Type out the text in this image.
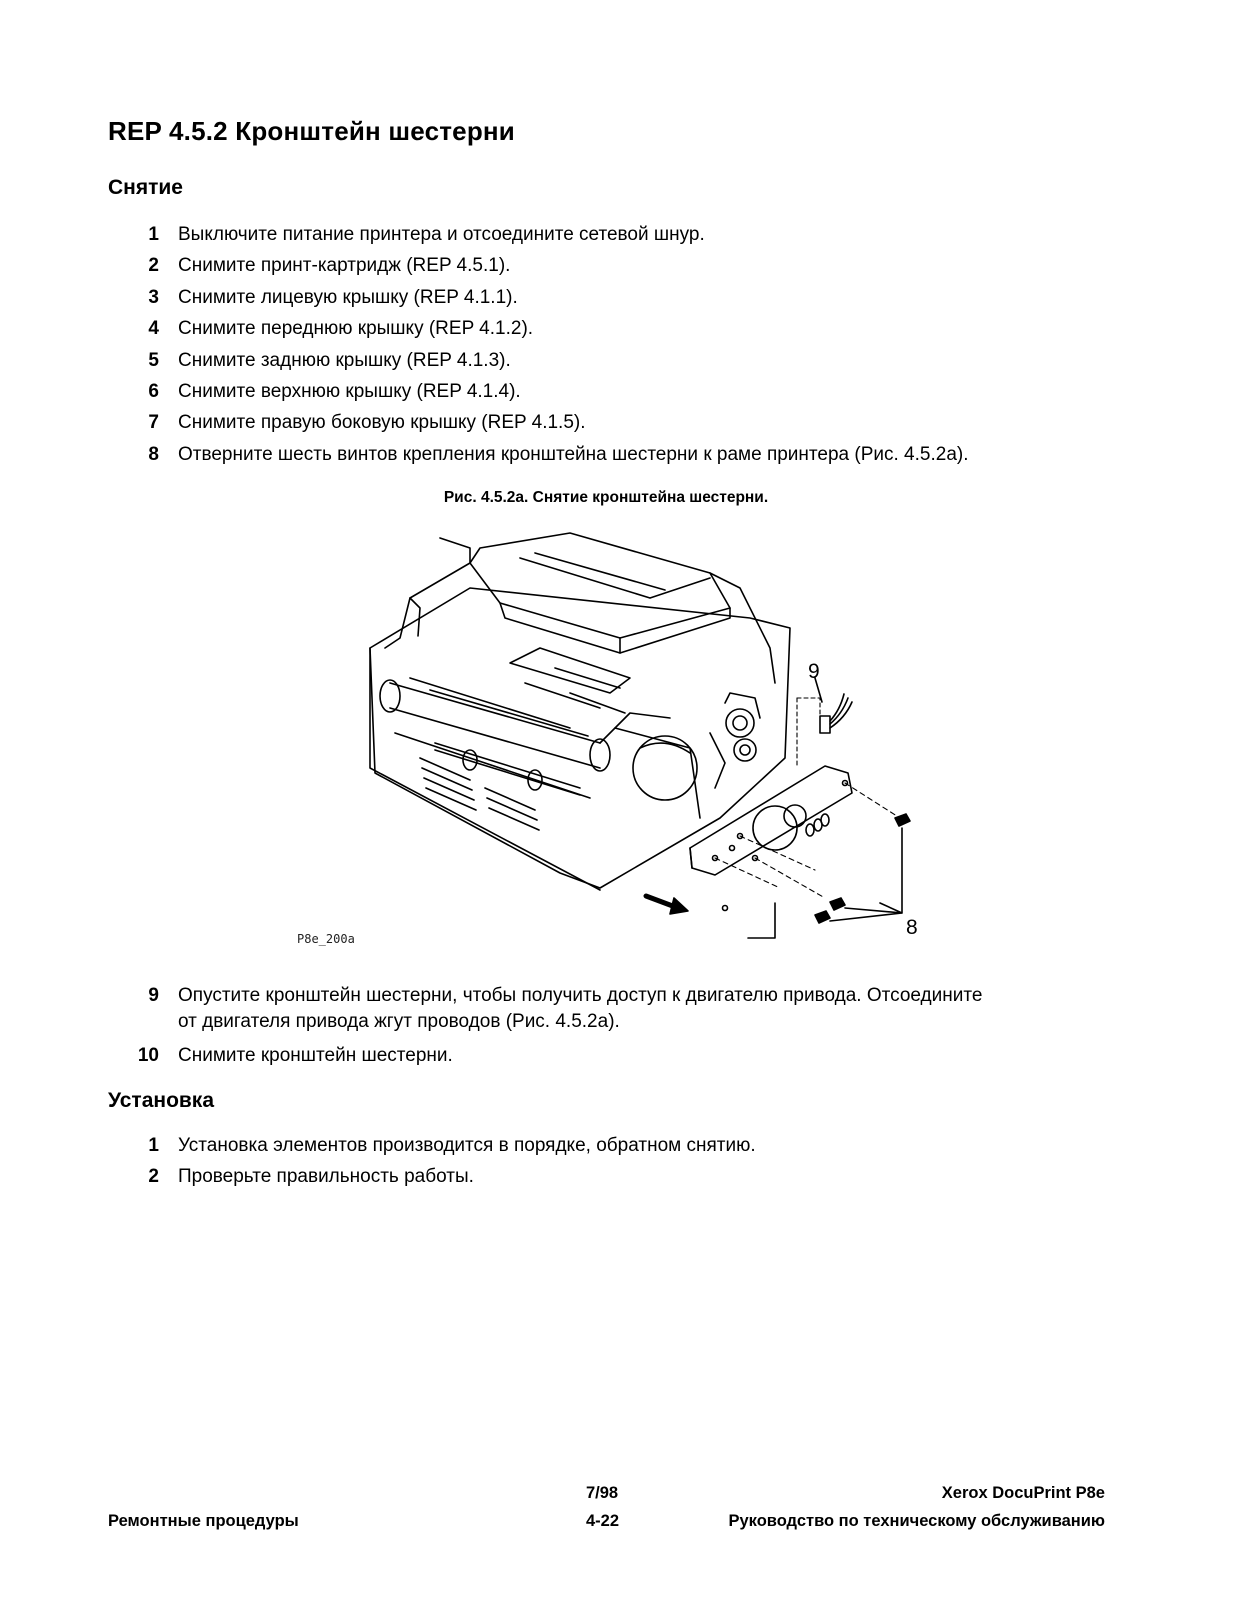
REP 4.5.2 Кронштейн шестерни
Снятие
1 Выключите питание принтера и отсоедините сетевой шнур.
2 Снимите принт-картридж (REP 4.5.1).
3 Снимите лицевую крышку (REP 4.1.1).
4 Снимите переднюю крышку (REP 4.1.2).
5 Снимите заднюю крышку (REP 4.1.3).
6 Снимите верхнюю крышку (REP 4.1.4).
7 Снимите правую боковую крышку (REP 4.1.5).
8 Отверните шесть винтов крепления кронштейна шестерни к раме принтера (Рис. 4.5.2a).
Рис. 4.5.2a. Снятие кронштейна шестерни.
9
8
P8e_200a
9 Опустите кронштейн шестерни, чтобы получить доступ к двигателю привода. Отсоедините
от двигателя привода жгут проводов (Рис. 4.5.2a).
10 Снимите кронштейн шестерни.
Установка
1 Установка элементов производится в порядке, обратном снятию.
2 Проверьте правильность работы.
7/98	Xerox DocuPrint P8e
Ремонтные процедуры	4-22	Руководство по техническому обслуживанию
